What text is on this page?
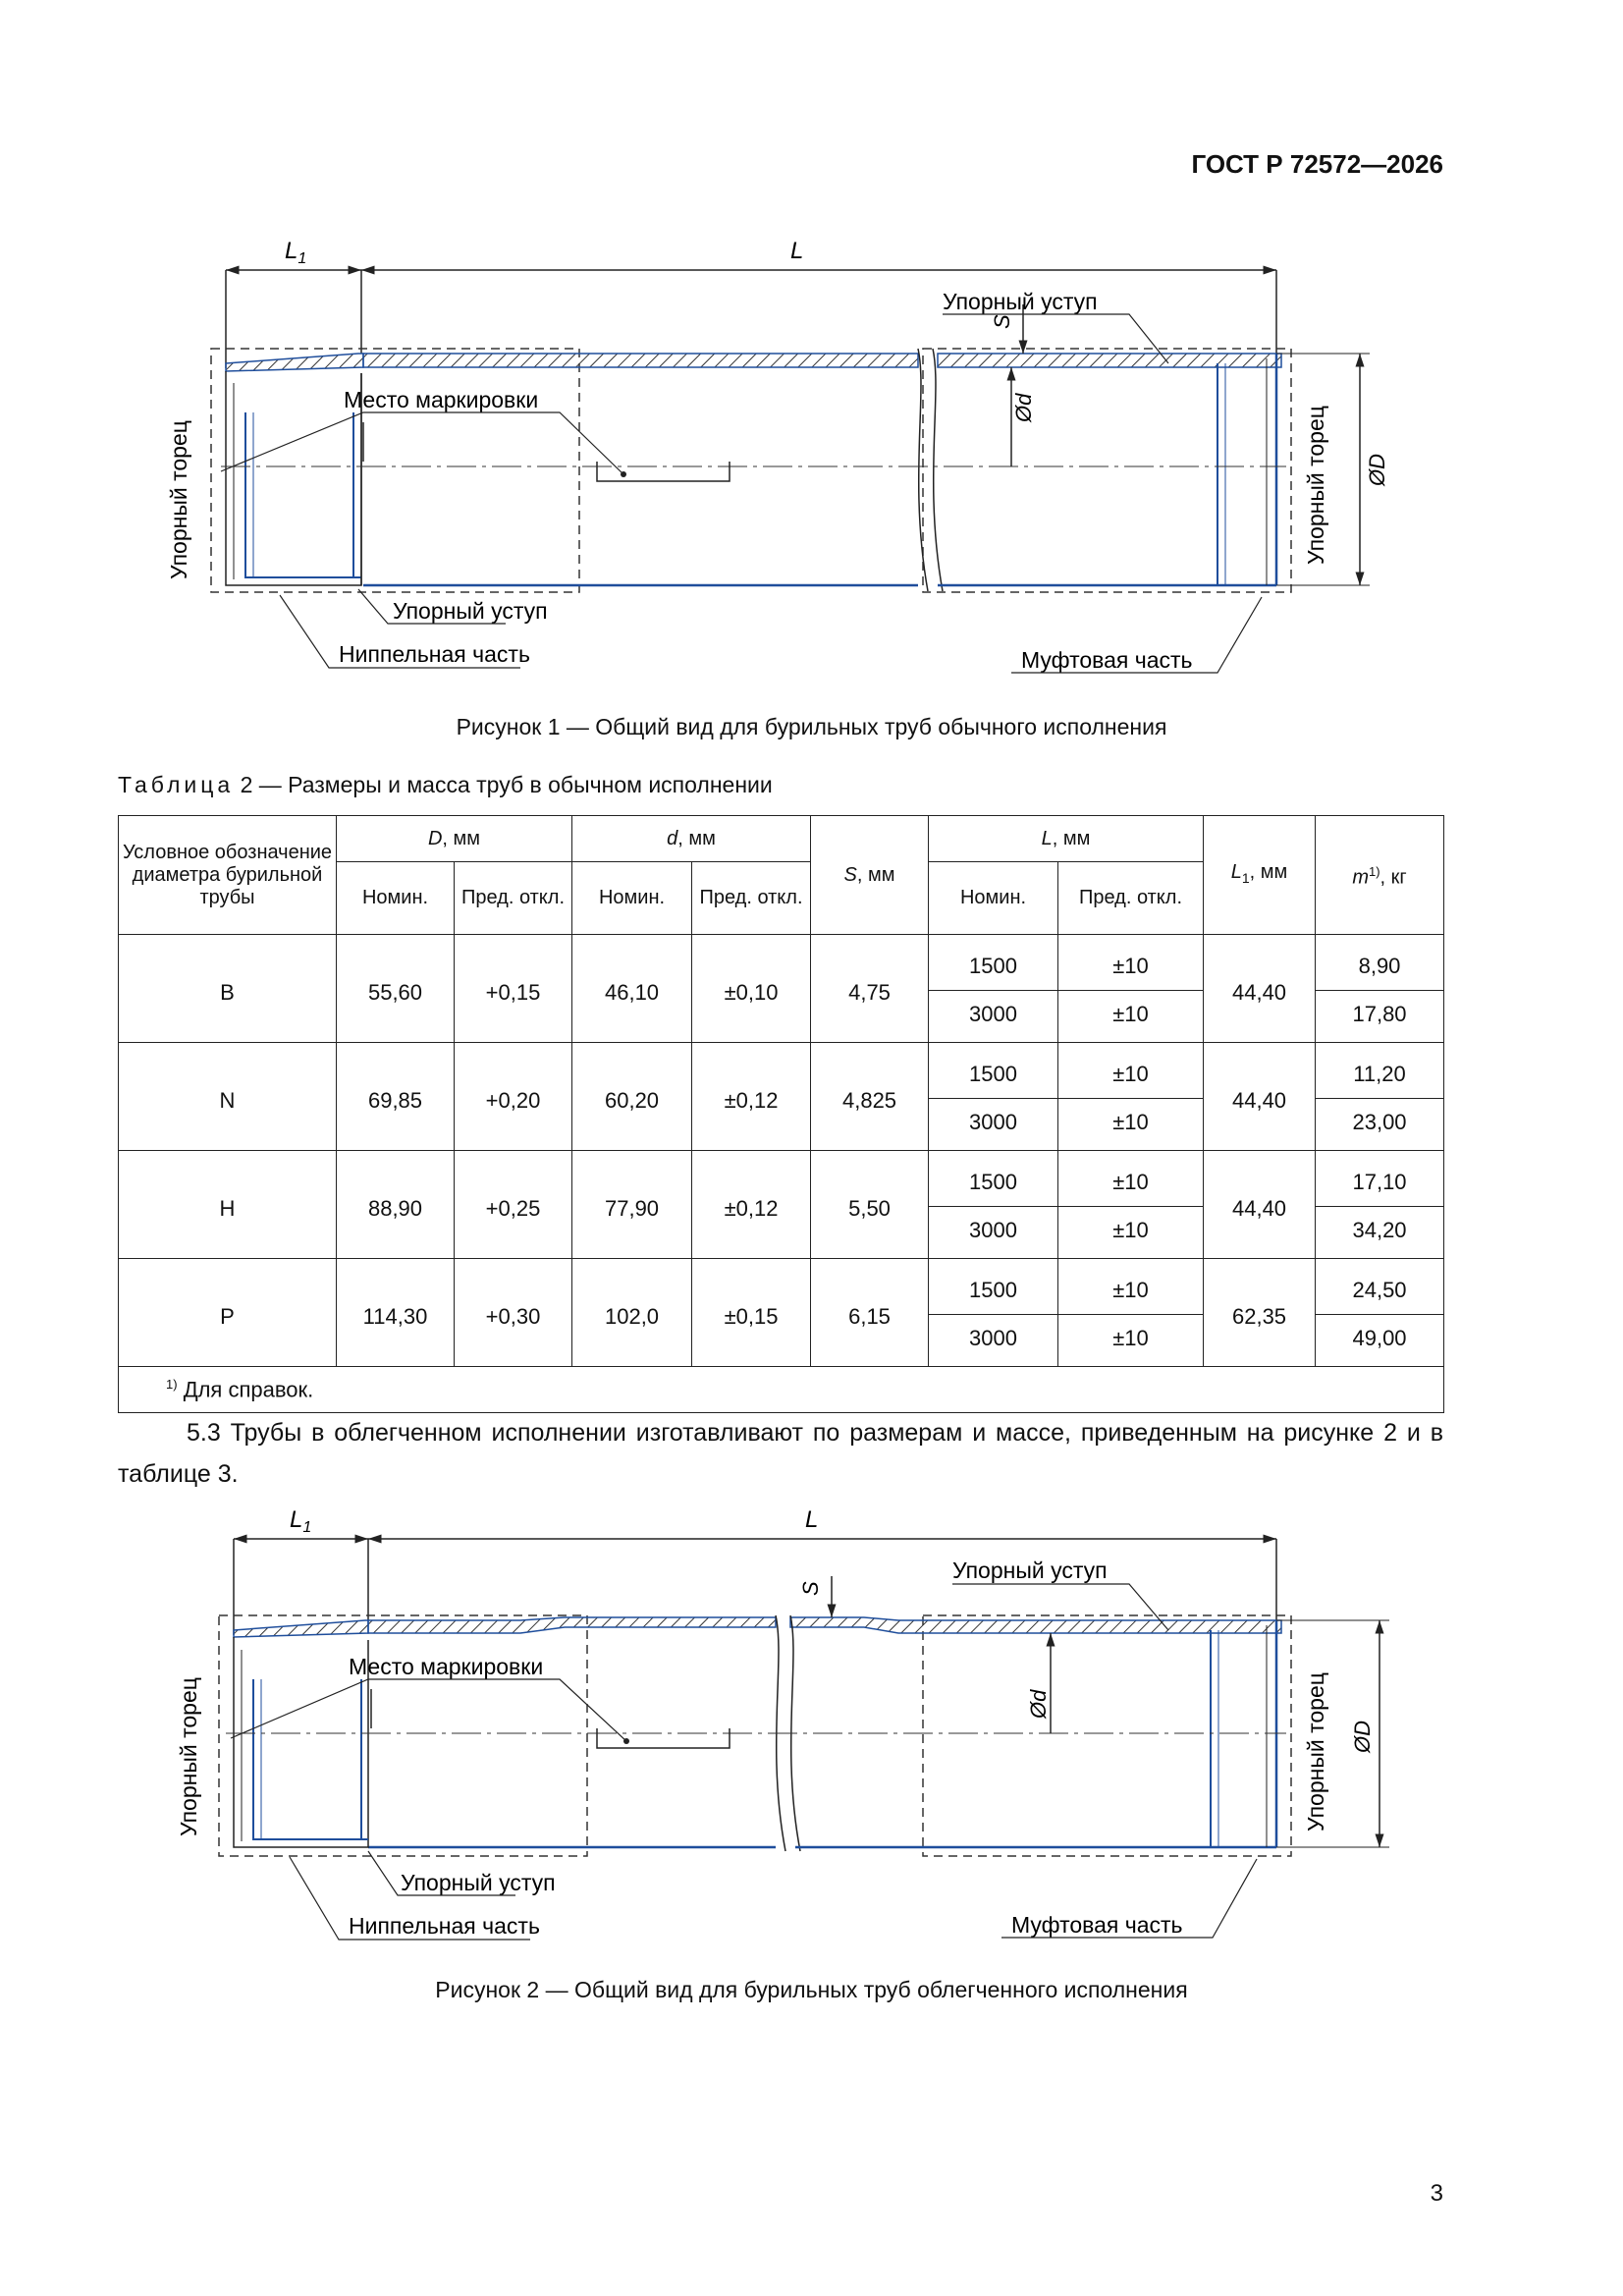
ГОСТ Р 72572—2026
$L_1$	L
Ød
ØD
S
Место маркировки
Упорный уступ
Упорный торец	Упорный торец
Упорный уступ
Ниппельная часть	Муфтовая часть
Рисунок 1 — Общий вид для бурильных труб обычного исполнения
Таблица 2 — Размеры и масса труб в обычном исполнении
Условное обозначение диаметра бурильной трубы	D, мм		d, мм		S, мм	L, мм		$L_1$, мм	$m^{1)}$, кг
	Номин.	Пред. откл.	Номин.	Пред. откл.		Номин.	Пред. откл.		
B	55,60	+0,15	46,10	±0,10	4,75	1500	±10	44,40	8,90
						3000	±10		17,80
N	69,85	+0,20	60,20	±0,12	4,825	1500	±10	44,40	11,20
						3000	±10		23,00
H	88,90	+0,25	77,90	±0,12	5,50	1500	±10	44,40	17,10
						3000	±10		34,20
P	114,30	+0,30	102,0	±0,15	6,15	1500	±10	62,35	24,50
						3000	±10		49,00
$^{1)}$ Для справок.									
5.3 Трубы в облегченном исполнении изготавливают по размерам и массе, приведенным на рисунке 2 и в таблице 3.
$L_1$	L
Ød
ØD
S
Место маркировки
Упорный уступ
Упорный торец	Упорный торец
Упорный уступ
Ниппельная часть	Муфтовая часть
Рисунок 2 — Общий вид для бурильных труб облегченного исполнения
3
